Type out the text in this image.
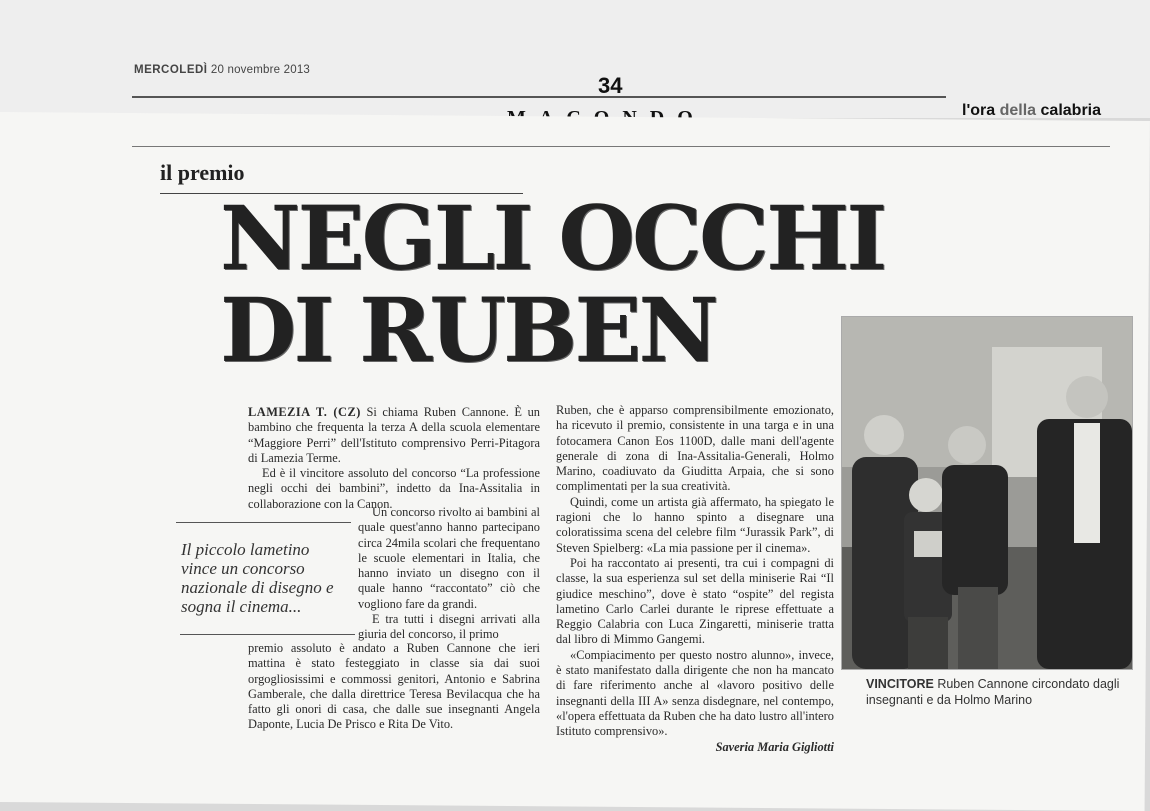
MERCOLEDÌ 20 novembre 2013
34
l'ora della calabria
il premio
NEGLI OCCHI
DI RUBEN

LAMEZIA T. (CZ) Si chiama Ruben Cannone. È un bambino che frequenta la terza A della scuola elementare “Maggiore Perri” dell'Istituto comprensivo Perri-Pitagora di Lamezia Terme.

Ed è il vincitore assoluto del concorso “La professione negli occhi dei bambini”, indetto da Ina-Assitalia in collaborazione con la Canon.

Un concorso rivolto ai bambini al quale quest'anno hanno partecipano circa 24mila scolari che frequentano le scuole elementari in Italia, che hanno inviato un disegno con il quale hanno “raccontato” ciò che vogliono fare da grandi.

E tra tutti i disegni arrivati alla giuria del concorso, il primo

premio assoluto è andato a Ruben Cannone che ieri mattina è stato festeggiato in classe sia dai suoi orgogliosissimi e commossi genitori, Antonio e Sabrina Gamberale, che dalla direttrice Teresa Bevilacqua che ha fatto gli onori di casa, che dalle sue insegnanti Angela Daponte, Lucia De Prisco e Rita De Vito.

Il piccolo lametino vince un concorso nazionale di disegno e sogna il cinema...

Ruben, che è apparso comprensibilmente emozionato, ha ricevuto il premio, consistente in una targa e in una fotocamera Canon Eos 1100D, dalle mani dell'agente generale di zona di Ina-Assitalia-Generali, Holmo Marino, coadiuvato da Giuditta Arpaia, che si sono complimentati per la sua creatività.

Quindi, come un artista già affermato, ha spiegato le ragioni che lo hanno spinto a disegnare una coloratissima scena del celebre film “Jurassik Park”, di Steven Spielberg: «La mia passione per il cinema».

Poi ha raccontato ai presenti, tra cui i compagni di classe, la sua esperienza sul set della miniserie Rai “Il giudice meschino”, dove è stato “ospite” del regista lametino Carlo Carlei durante le riprese effettuate a Reggio Calabria con Luca Zingaretti, miniserie tratta dal libro di Mimmo Gangemi.

«Compiacimento per questo nostro alunno», invece, è stato manifestato dalla dirigente che non ha mancato di fare riferimento anche al «lavoro positivo delle insegnanti della III A» senza disdegnare, nel contempo, «l'opera effettuata da Ruben che ha dato lustro all'intero Istituto comprensivo».

Saveria Maria Gigliotti
VINCITORE Ruben Cannone circondato dagli insegnanti e da Holmo Marino
